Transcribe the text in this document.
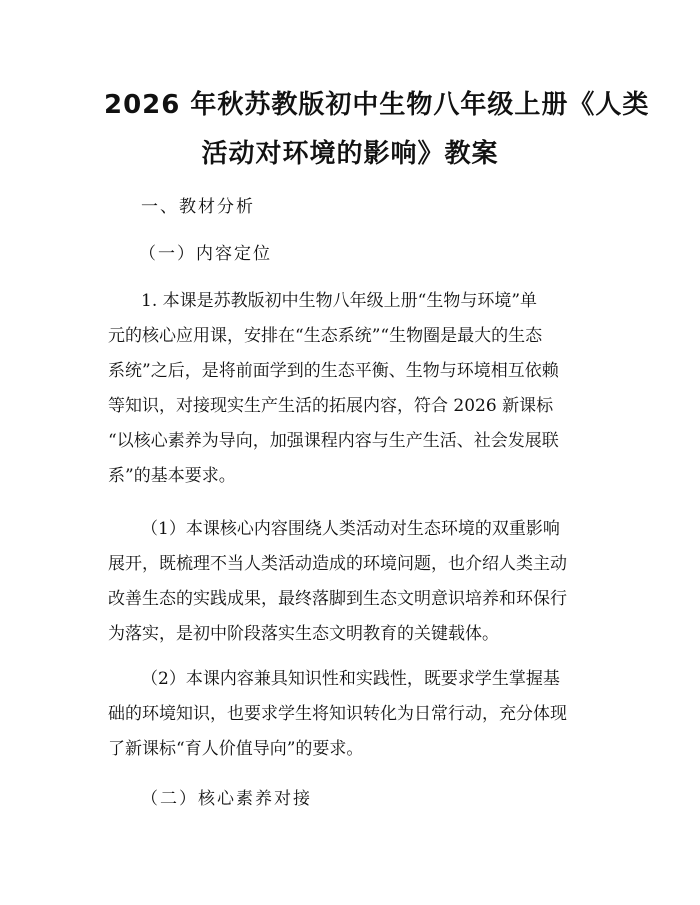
2026 年秋苏教版初中生物八年级上册《人类
活动对环境的影响》教案
一、教材分析
（一）内容定位
1. 本课是苏教版初中生物八年级上册“生物与环境”单
元的核心应用课，安排在“生态系统”“生物圈是最大的生态
系统”之后，是将前面学到的生态平衡、生物与环境相互依赖
等知识，对接现实生产生活的拓展内容，符合 2026 新课标
“以核心素养为导向，加强课程内容与生产生活、社会发展联
系”的基本要求。
（1）本课核心内容围绕人类活动对生态环境的双重影响
展开，既梳理不当人类活动造成的环境问题，也介绍人类主动
改善生态的实践成果，最终落脚到生态文明意识培养和环保行
为落实，是初中阶段落实生态文明教育的关键载体。
（2）本课内容兼具知识性和实践性，既要求学生掌握基
础的环境知识，也要求学生将知识转化为日常行动，充分体现
了新课标“育人价值导向”的要求。
（二）核心素养对接
